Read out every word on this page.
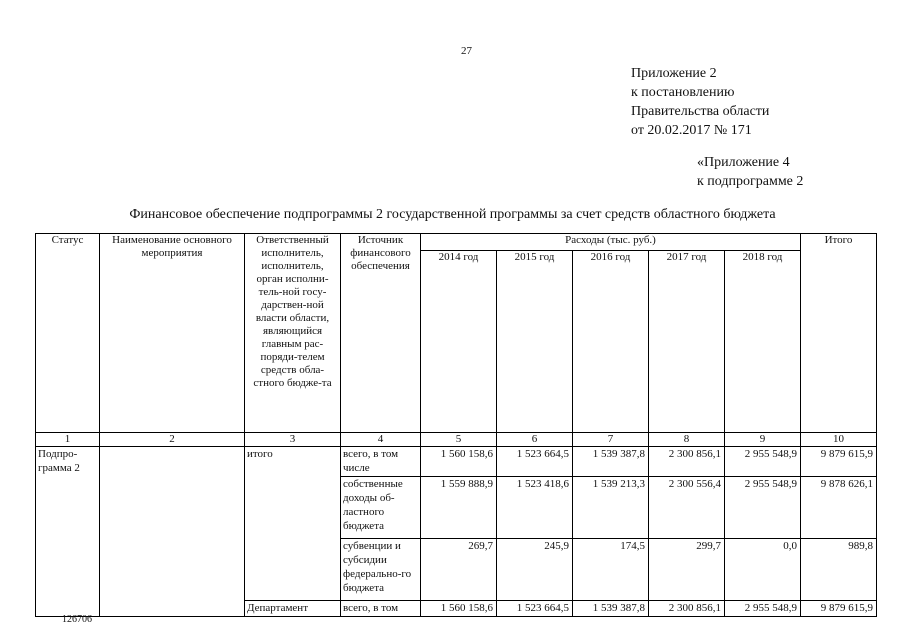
27
Приложение 2
к постановлению
Правительства области
от 20.02.2017 № 171
«Приложение 4
к подпрограмме 2
Финансовое обеспечение подпрограммы 2 государственной программы за счет средств областного бюджета
Статус	Наименование основного мероприятия	Ответственный исполнитель, исполнитель, орган исполни-тель-ной госу-дарствен-ной власти области, являющийся главным рас-поряди-телем средств обла-стного бюдже-та	Источник финансового обеспечения	Расходы (тыс. руб.)					Итого
				2014 год	2015 год	2016 год	2017 год	2018 год	
1	2	3	4	5	6	7	8	9	10
Подпро-грамма 2		итого	всего, в том числе	1 560 158,6	1 523 664,5	1 539 387,8	2 300 856,1	2 955 548,9	9 879 615,9
			собственные доходы об-ластного бюджета	1 559 888,9	1 523 418,6	1 539 213,3	2 300 556,4	2 955 548,9	9 878 626,1
			субвенции и субсидии федерально-го бюджета	269,7	245,9	174,5	299,7	0,0	989,8
		Департамент	всего, в том	1 560 158,6	1 523 664,5	1 539 387,8	2 300 856,1	2 955 548,9	9 879 615,9
126706
